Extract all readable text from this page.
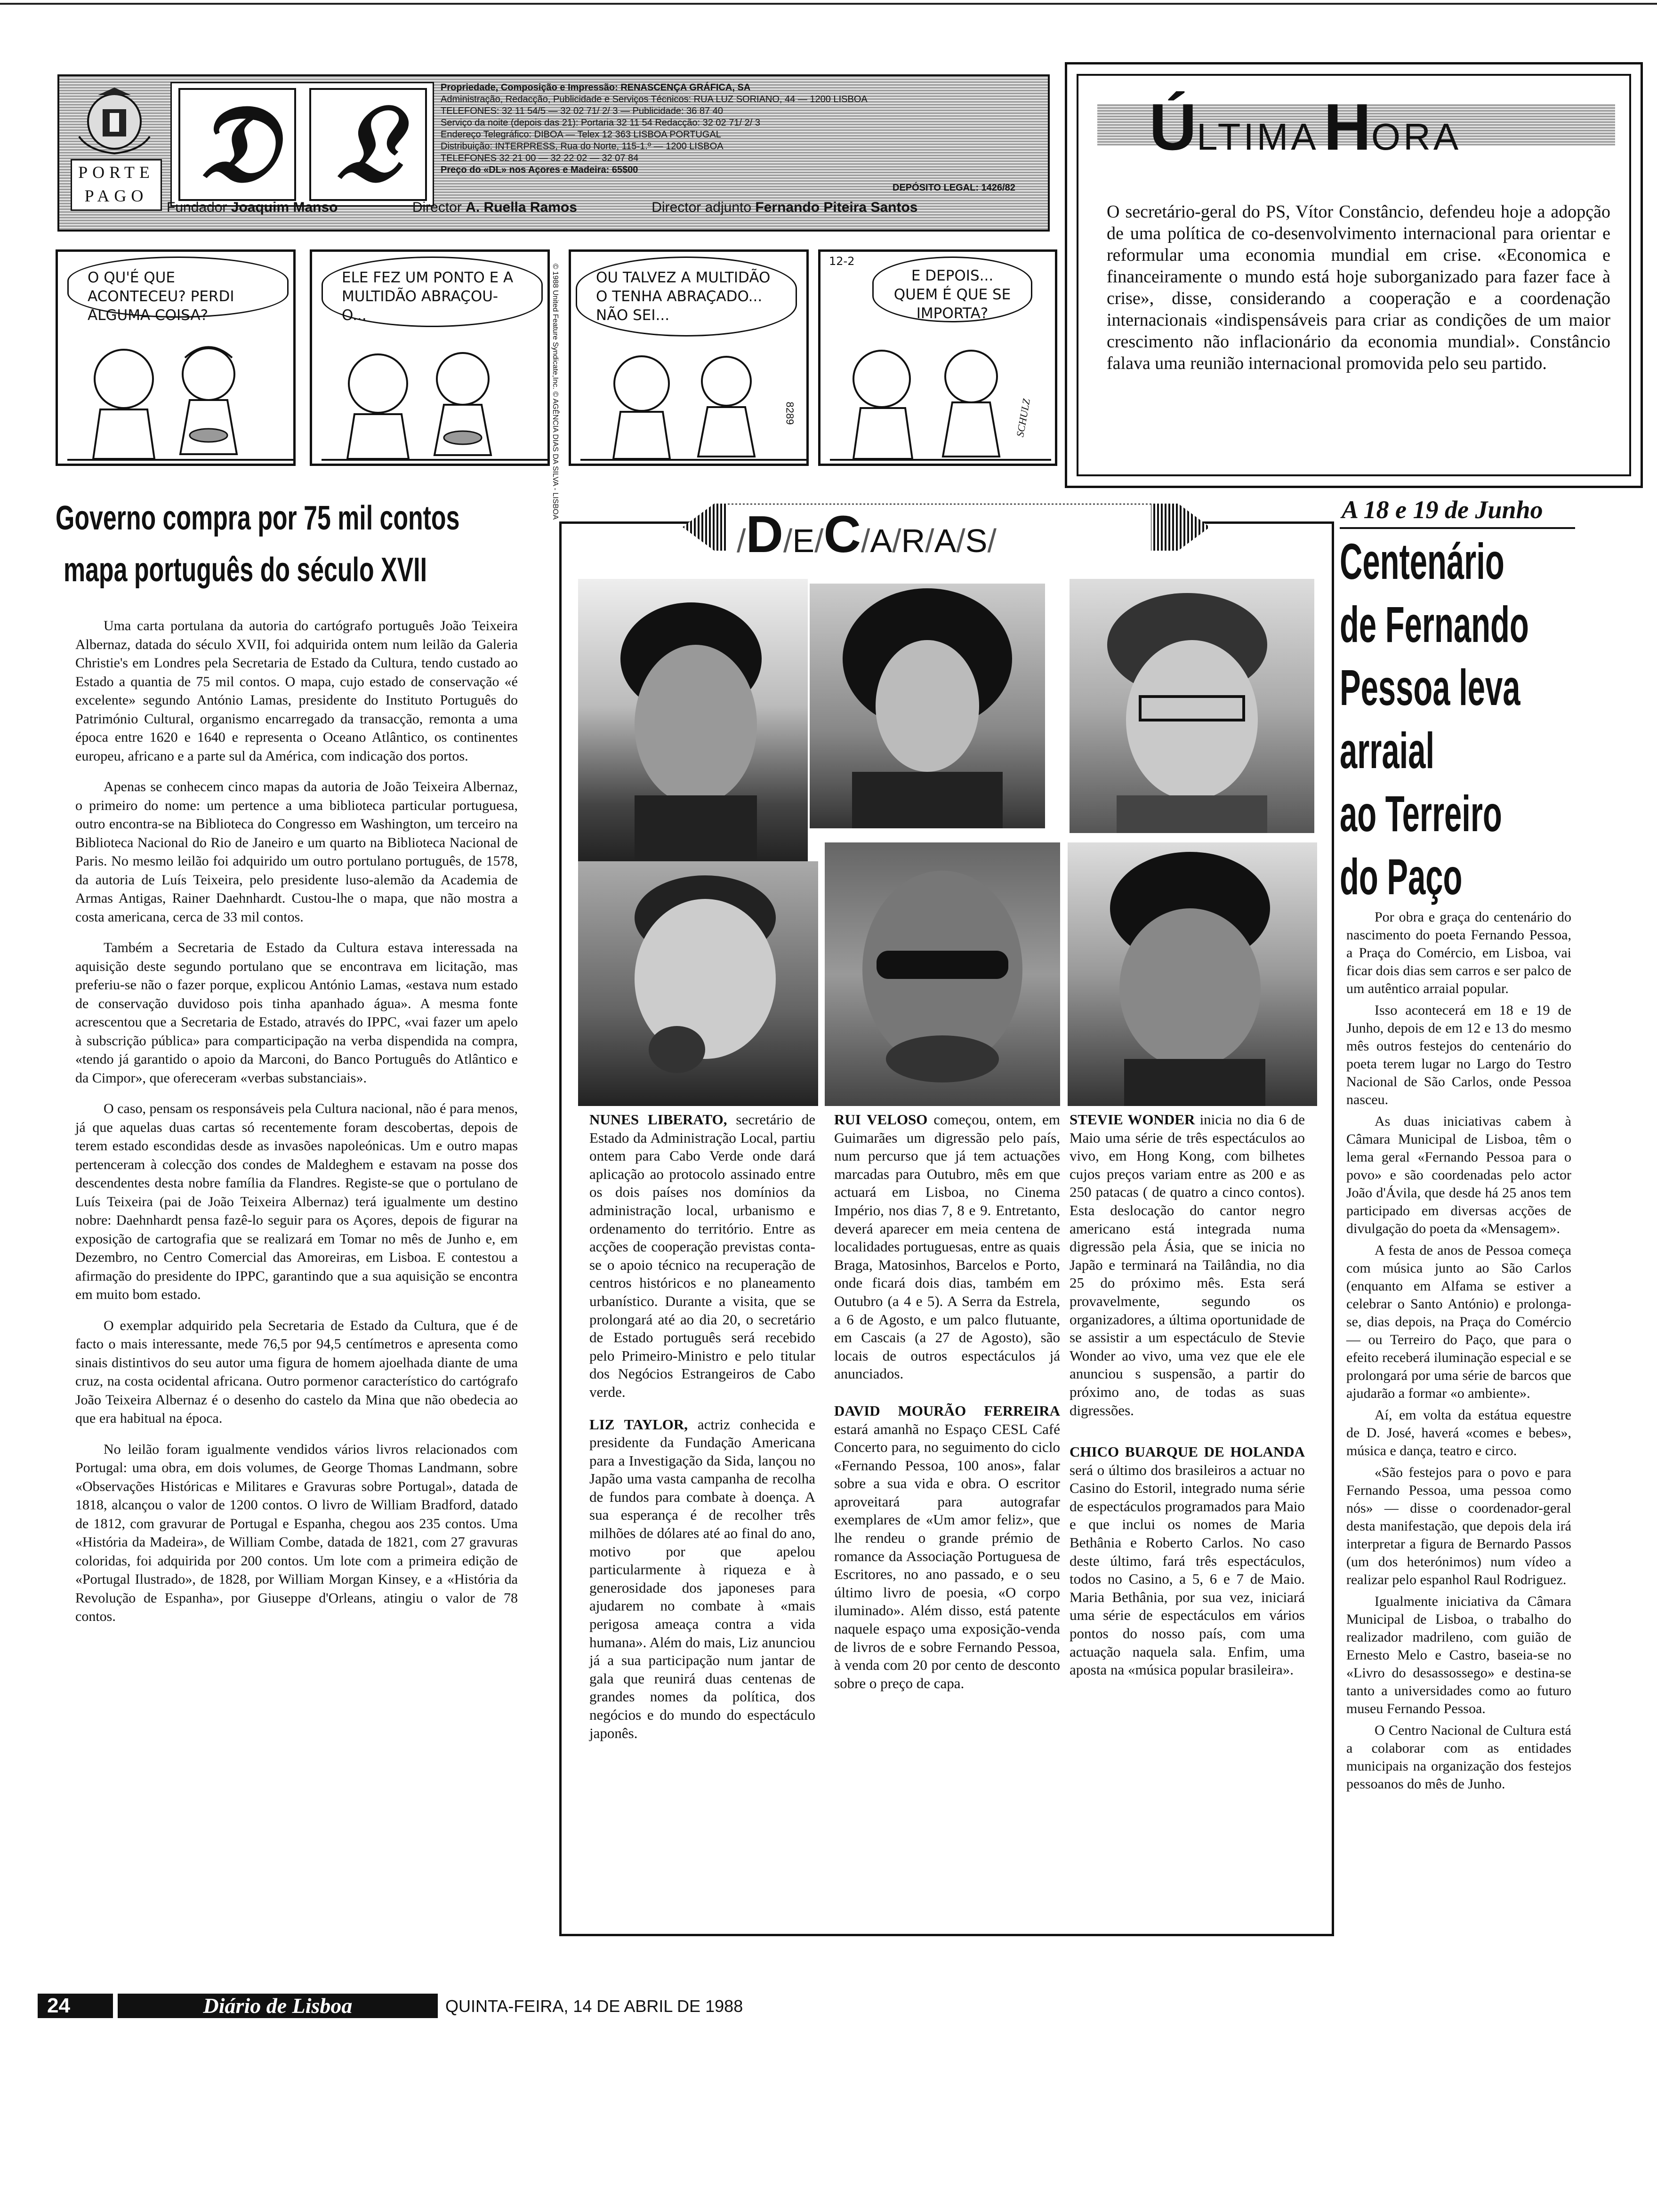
PORTE
PAGO 𝔇 𝔏	Propriedade, Composição e Impressão: RENASCENÇA GRÁFICA, SA
Administração, Redacção, Publicidade e Serviços Técnicos: RUA LUZ SORIANO, 44 — 1200 LISBOA
TELEFONES: 32 11 54/5 — 32 02 71/ 2/ 3 — Publicidade: 36 87 40
Serviço da noite (depois das 21): Portaria 32 11 54 Redacção: 32 02 71/ 2/ 3
Endereço Telegráfico: DIBOA — Telex 12 363 LISBOA PORTUGAL
Distribuição: INTERPRESS, Rua do Norte, 115-1.º — 1200 LISBOA
TELEFONES 32 21 00 — 32 22 02 — 32 07 84
Preço do «DL» nos Açores e Madeira: 65$00
DEPÓSITO LEGAL: 1426/82
Fundador Joaquim Manso	Director A. Ruella Ramos	Director adjunto Fernando Piteira Santos
O QU'É QUE ACONTECEU? PERDI ALGUMA COISA?
ELE FEZ UM PONTO E A MULTIDÃO ABRAÇOU-O...	© 1988 United Feature Syndicate,Inc. © AGÊNCIA DIAS DA SILVA - LISBOA	OU TALVEZ A MULTIDÃO O TENHA ABRAÇADO... NÃO SEI...
8289
12-2
E DEPOIS... QUEM É QUE SE IMPORTA?
SCHULZ
ÚLTIMAHORA
O secretário-geral do PS, Vítor Constâncio, defendeu hoje a adopção de uma política de co-desenvolvimento internacional para orientar e reformular uma economia mundial em crise. «Economica e financeiramente o mundo está hoje suborganizado para fazer face à crise», disse, considerando a cooperação e a coordenação internacionais «indispensáveis para criar as condições de um maior crescimento não inflacionário da economia mundial». Constâncio falava uma reunião internacional promovida pelo seu partido.
Governo compra por 75 mil contos
mapa português do século XVII

Uma carta portulana da autoria do cartógrafo português João Teixeira Albernaz, datada do século XVII, foi adquirida ontem num leilão da Galeria Christie's em Londres pela Secretaria de Estado da Cultura, tendo custado ao Estado a quantia de 75 mil contos. O mapa, cujo estado de conservação «é excelente» segundo António Lamas, presidente do Instituto Português do Património Cultural, organismo encarregado da transacção, remonta a uma época entre 1620 e 1640 e representa o Oceano Atlântico, os continentes europeu, africano e a parte sul da América, com indicação dos portos.

Apenas se conhecem cinco mapas da autoria de João Teixeira Albernaz, o primeiro do nome: um pertence a uma biblioteca particular portuguesa, outro encontra-se na Biblioteca do Congresso em Washington, um terceiro na Biblioteca Nacional do Rio de Janeiro e um quarto na Biblioteca Nacional de Paris. No mesmo leilão foi adquirido um outro portulano português, de 1578, da autoria de Luís Teixeira, pelo presidente luso-alemão da Academia de Armas Antigas, Rainer Daehnhardt. Custou-lhe o mapa, que não mostra a costa americana, cerca de 33 mil contos.

Também a Secretaria de Estado da Cultura estava interessada na aquisição deste segundo portulano que se encontrava em licitação, mas preferiu-se não o fazer porque, explicou António Lamas, «estava num estado de conservação duvidoso pois tinha apanhado água». A mesma fonte acrescentou que a Secretaria de Estado, através do IPPC, «vai fazer um apelo à subscrição pública» para comparticipação na verba dispendida na compra, «tendo já garantido o apoio da Marconi, do Banco Português do Atlântico e da Cimpor», que ofereceram «verbas substanciais».

O caso, pensam os responsáveis pela Cultura nacional, não é para menos, já que aquelas duas cartas só recentemente foram descobertas, depois de terem estado escondidas desde as invasões napoleónicas. Um e outro mapas pertenceram à colecção dos condes de Maldeghem e estavam na posse dos descendentes desta nobre família da Flandres. Registe-se que o portulano de Luís Teixeira (pai de João Teixeira Albernaz) terá igualmente um destino nobre: Daehnhardt pensa fazê-lo seguir para os Açores, depois de figurar na exposição de cartografia que se realizará em Tomar no mês de Junho e, em Dezembro, no Centro Comercial das Amoreiras, em Lisboa. E contestou a afirmação do presidente do IPPC, garantindo que a sua aquisição se encontra em muito bom estado.

O exemplar adquirido pela Secretaria de Estado da Cultura, que é de facto o mais interessante, mede 76,5 por 94,5 centímetros e apresenta como sinais distintivos do seu autor uma figura de homem ajoelhada diante de uma cruz, na costa ocidental africana. Outro pormenor característico do cartógrafo João Teixeira Albernaz é o desenho do castelo da Mina que não obedecia ao que era habitual na época.

No leilão foram igualmente vendidos vários livros relacionados com Portugal: uma obra, em dois volumes, de George Thomas Landmann, sobre «Observações Históricas e Militares e Gravuras sobre Portugal», datada de 1818, alcançou o valor de 1200 contos. O livro de William Bradford, datado de 1812, com gravurar de Portugal e Espanha, chegou aos 235 contos. Uma «História da Madeira», de William Combe, datada de 1821, com 27 gravuras coloridas, foi adquirida por 200 contos. Um lote com a primeira edição de «Portugal Ilustrado», de 1828, por William Morgan Kinsey, e a «História da Revolução de Espanha», por Giuseppe d'Orleans, atingiu o valor de 78 contos.

/D/E/C/A/R/A/S/

NUNES LIBERATO, secretário de Estado da Administração Local, partiu ontem para Cabo Verde onde dará aplicação ao protocolo assinado entre os dois países nos domínios da administração local, urbanismo e ordenamento do território. Entre as acções de cooperação previstas conta-se o apoio técnico na recuperação de centros históricos e no planeamento urbanístico. Durante a visita, que se prolongará até ao dia 20, o secretário de Estado português será recebido pelo Primeiro-Ministro e pelo titular dos Negócios Estrangeiros de Cabo verde.

LIZ TAYLOR, actriz conhecida e presidente da Fundação Americana para a Investigação da Sida, lançou no Japão uma vasta campanha de recolha de fundos para combate à doença. A sua esperança é de recolher três milhões de dólares até ao final do ano, motivo por que apelou particularmente à riqueza e à generosidade dos japoneses para ajudarem no combate à «mais perigosa ameaça contra a vida humana». Além do mais, Liz anunciou já a sua participação num jantar de gala que reunirá duas centenas de grandes nomes da política, dos negócios e do mundo do espectáculo japonês.

RUI VELOSO começou, ontem, em Guimarães um digressão pelo país, num percurso que já tem actuações marcadas para Outubro, mês em que actuará em Lisboa, no Cinema Império, nos dias 7, 8 e 9. Entretanto, deverá aparecer em meia centena de localidades portuguesas, entre as quais Braga, Matosinhos, Barcelos e Porto, onde ficará dois dias, também em Outubro (a 4 e 5). A Serra da Estrela, a 6 de Agosto, e um palco flutuante, em Cascais (a 27 de Agosto), são locais de outros espectáculos já anunciados.

DAVID MOURÃO FERREIRA estará amanhã no Espaço CESL Café Concerto para, no seguimento do ciclo «Fernando Pessoa, 100 anos», falar sobre a sua vida e obra. O escritor aproveitará para autografar exemplares de «Um amor feliz», que lhe rendeu o grande prémio de romance da Associação Portuguesa de Escritores, no ano passado, e o seu último livro de poesia, «O corpo iluminado». Além disso, está patente naquele espaço uma exposição-venda de livros de e sobre Fernando Pessoa, à venda com 20 por cento de desconto sobre o preço de capa.

STEVIE WONDER inicia no dia 6 de Maio uma série de três espectáculos ao vivo, em Hong Kong, com bilhetes cujos preços variam entre as 200 e as 250 patacas ( de quatro a cinco contos). Esta deslocação do cantor negro americano está integrada numa digressão pela Ásia, que se inicia no Japão e terminará na Tailândia, no dia 25 do próximo mês. Esta será provavelmente, segundo os organizadores, a última oportunidade de se assistir a um espectáculo de Stevie Wonder ao vivo, uma vez que ele ele anunciou s suspensão, a partir do próximo ano, de todas as suas digressões.

CHICO BUARQUE DE HOLANDA será o último dos brasileiros a actuar no Casino do Estoril, integrado numa série de espectáculos programados para Maio e que inclui os nomes de Maria Bethânia e Roberto Carlos. No caso deste último, fará três espectáculos, todos no Casino, a 5, 6 e 7 de Maio. Maria Bethânia, por sua vez, iniciará uma série de espectáculos em vários pontos do nosso país, com uma actuação naquela sala. Enfim, uma aposta na «música popular brasileira».

A 18 e 19 de Junho
Centenário
de Fernando
Pessoa leva
arraial
ao Terreiro
do Paço

Por obra e graça do centenário do nascimento do poeta Fernando Pessoa, a Praça do Comércio, em Lisboa, vai ficar dois dias sem carros e ser palco de um autêntico arraial popular.

Isso acontecerá em 18 e 19 de Junho, depois de em 12 e 13 do mesmo mês outros festejos do centenário do poeta terem lugar no Largo do Testro Nacional de São Carlos, onde Pessoa nasceu.

As duas iniciativas cabem à Câmara Municipal de Lisboa, têm o lema geral «Fernando Pessoa para o povo» e são coordenadas pelo actor João d'Ávila, que desde há 25 anos tem participado em diversas acções de divulgação do poeta da «Mensagem».

A festa de anos de Pessoa começa com música junto ao São Carlos (enquanto em Alfama se estiver a celebrar o Santo António) e prolonga-se, dias depois, na Praça do Comércio — ou Terreiro do Paço, que para o efeito receberá iluminação especial e se prolongará por uma série de barcos que ajudarão a formar «o ambiente».

Aí, em volta da estátua equestre de D. José, haverá «comes e bebes», música e dança, teatro e circo.

«São festejos para o povo e para Fernando Pessoa, uma pessoa como nós» — disse o coordenador-geral desta manifestação, que depois dela irá interpretar a figura de Bernardo Passos (um dos heterónimos) num vídeo a realizar pelo espanhol Raul Rodriguez.

Igualmente iniciativa da Câmara Municipal de Lisboa, o trabalho do realizador madrileno, com guião de Ernesto Melo e Castro, baseia-se no «Livro do desassossego» e destina-se tanto a universidades como ao futuro museu Fernando Pessoa.

O Centro Nacional de Cultura está a colaborar com as entidades municipais na organização dos festejos pessoanos do mês de Junho.

24	Diário de Lisboa	QUINTA-FEIRA, 14 DE ABRIL DE 1988
